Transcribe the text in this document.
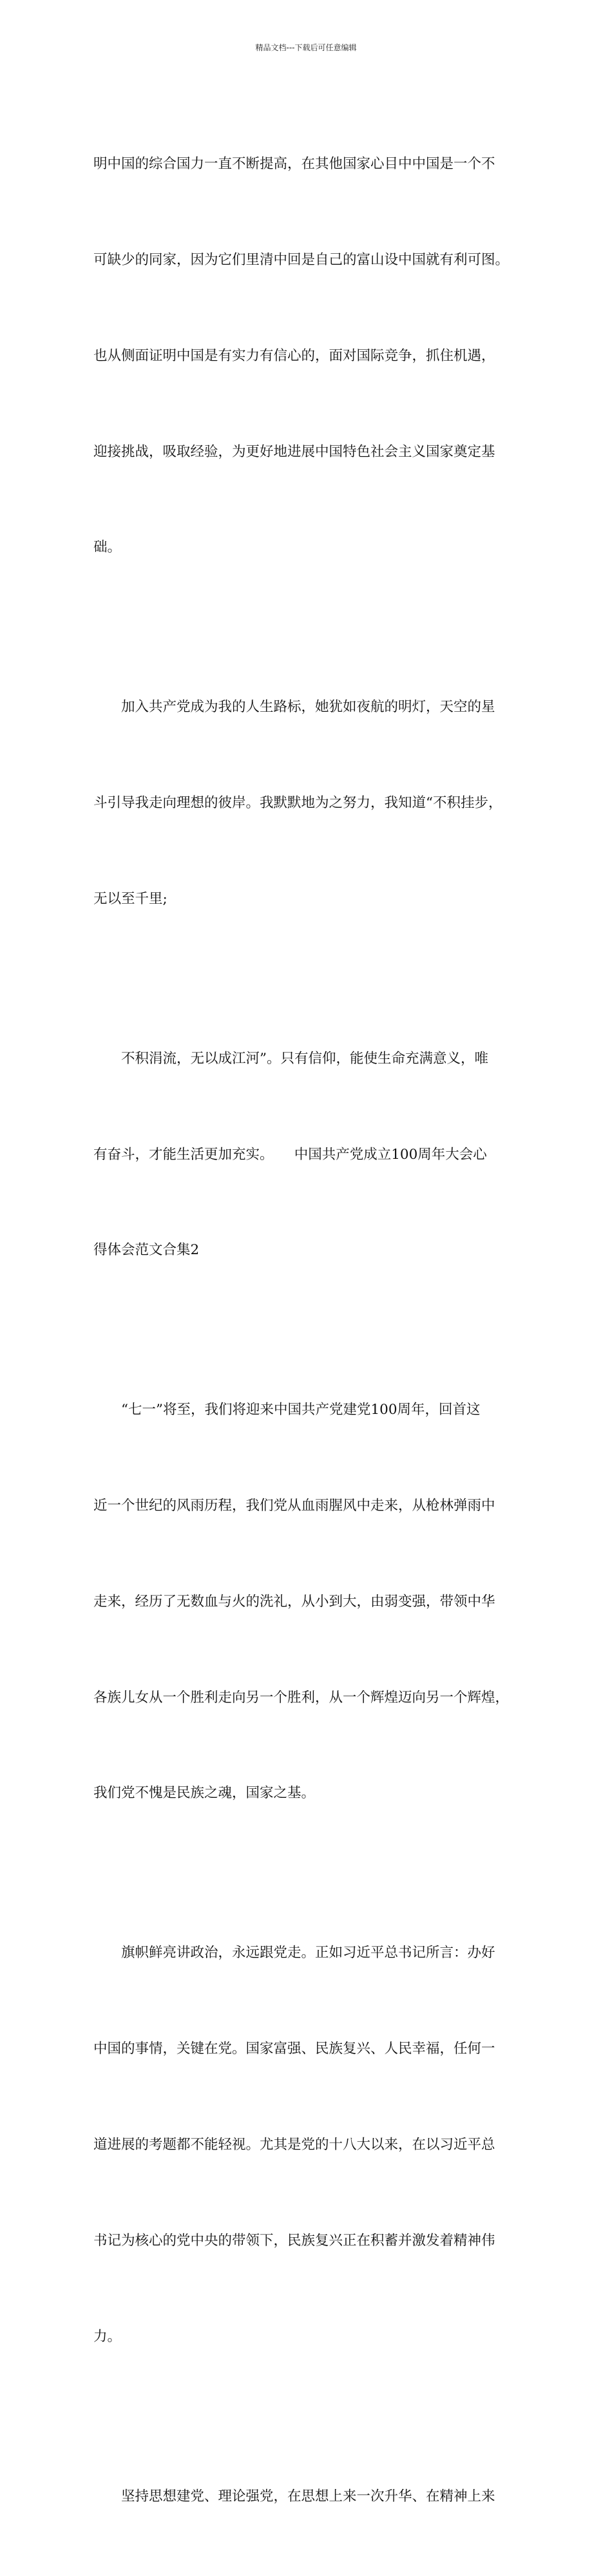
精品文档---下载后可任意编辑

明中国的综合国力一直不断提高，在其他国家心目中中国是一个不

可缺少的同家，因为它们里清中回是自己的富山设中国就有利可图。

也从侧面证明中国是有实力有信心的，面对国际竞争，抓住机遇，

迎接挑战，吸取经验，为更好地进展中国特色社会主义国家奠定基

础。

加入共产党成为我的人生路标，她犹如夜航的明灯，天空的星

斗引导我走向理想的彼岸。我默默地为之努力，我知道“不积挂步，

无以至千里;

不积涓流，无以成江河”。只有信仰，能使生命充满意义，唯

有奋斗，才能生活更加充实。　　中国共产党成立100周年大会心

得体会范文合集2

“七一”将至，我们将迎来中国共产党建党100周年，回首这

近一个世纪的风雨历程，我们党从血雨腥风中走来，从枪林弹雨中

走来，经历了无数血与火的洗礼，从小到大，由弱变强，带领中华

各族儿女从一个胜利走向另一个胜利，从一个辉煌迈向另一个辉煌，

我们党不愧是民族之魂，国家之基。

旗帜鲜亮讲政治，永远跟党走。正如习近平总书记所言：办好

中国的事情，关键在党。国家富强、民族复兴、人民幸福，任何一

道进展的考题都不能轻视。尤其是党的十八大以来，在以习近平总

书记为核心的党中央的带领下，民族复兴正在积蓄并激发着精神伟

力。

坚持思想建党、理论强党，在思想上来一次升华、在精神上来
